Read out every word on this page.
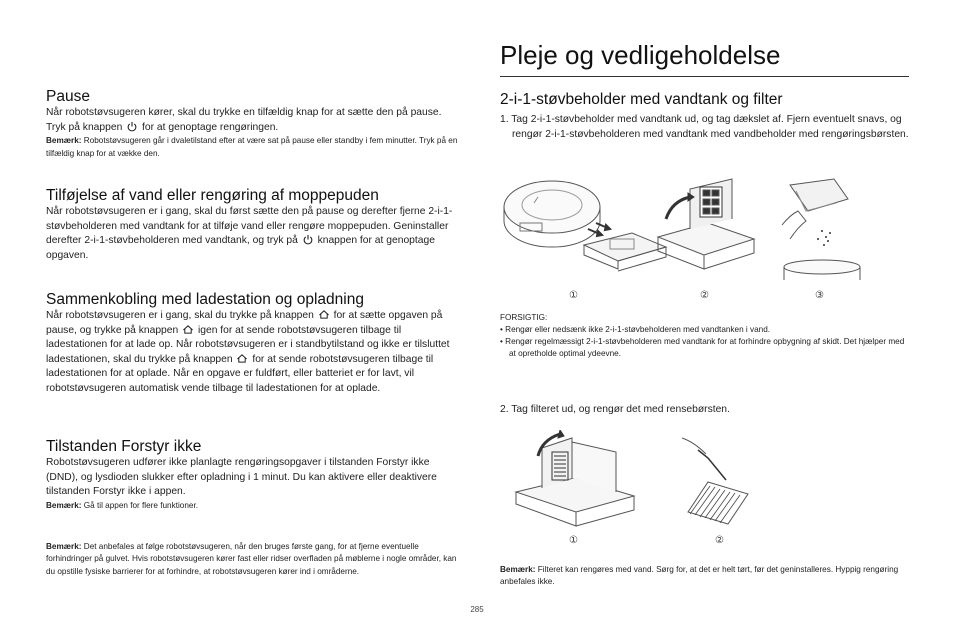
Pleje og vedligeholdelse
Pause

Når robotstøvsugeren kører, skal du trykke en tilfældig knap for at sætte den på pause. Tryk på knappen
for at genoptage rengøringen.

Bemærk: Robotstøvsugeren går i dvaletilstand efter at være sat på pause eller standby i fem minutter. Tryk på en tilfældig knap for at vække den.

Tilføjelse af vand eller rengøring af moppepuden

Når robotstøvsugeren er i gang, skal du først sætte den på pause og derefter fjerne 2-i-1-støvbeholderen med vandtank for at tilføje vand eller rengøre moppepuden. Geninstaller derefter 2-i-1-støvbeholderen med vandtank, og tryk på
knappen for at genoptage opgaven.

Sammenkobling med ladestation og opladning

Når robotstøvsugeren er i gang, skal du trykke på knappen
for at sætte opgaven på pause, og trykke på knappen
igen for at sende robotstøvsugeren tilbage til ladestationen for at lade op. Når robotstøvsugeren er i standbytilstand og ikke er tilsluttet ladestationen, skal du trykke på knappen
for at sende robotstøvsugeren tilbage til ladestationen for at oplade. Når en opgave er fuldført, eller batteriet er for lavt, vil robotstøvsugeren automatisk vende tilbage til ladestationen for at oplade.

Tilstanden Forstyr ikke

Robotstøvsugeren udfører ikke planlagte rengøringsopgaver i tilstanden Forstyr ikke (DND), og lysdioden slukker efter opladning i 1 minut. Du kan aktivere eller deaktivere tilstanden Forstyr ikke i appen.

Bemærk: Gå til appen for flere funktioner.

Bemærk: Det anbefales at følge robotstøvsugeren, når den bruges første gang, for at fjerne eventuelle forhindringer på gulvet. Hvis robotstøvsugeren kører fast eller ridser overfladen på møblerne i nogle områder, kan du opstille fysiske barrierer for at forhindre, at robotstøvsugeren kører ind i områderne.

2-i-1-støvbeholder med vandtank og filter

1. Tag 2-i-1-støvbeholder med vandtank ud, og tag dækslet af. Fjern eventuelt snavs, og rengør 2-i-1-støvbeholderen med vandtank med vandbeholder med rengøringsbørsten.

①	②	③
FORSIGTIG:
• Rengør eller nedsænk ikke 2-i-1-støvbeholderen med vandtanken i vand.
• Rengør regelmæssigt 2-i-1-støvbeholderen med vandtank for at forhindre opbygning af skidt. Det hjælper med at opretholde optimal ydeevne.

2. Tag filteret ud, og rengør det med rensebørsten.

①	②

Bemærk: Filteret kan rengøres med vand. Sørg for, at det er helt tørt, før det geninstalleres. Hyppig rengøring anbefales ikke.

285
